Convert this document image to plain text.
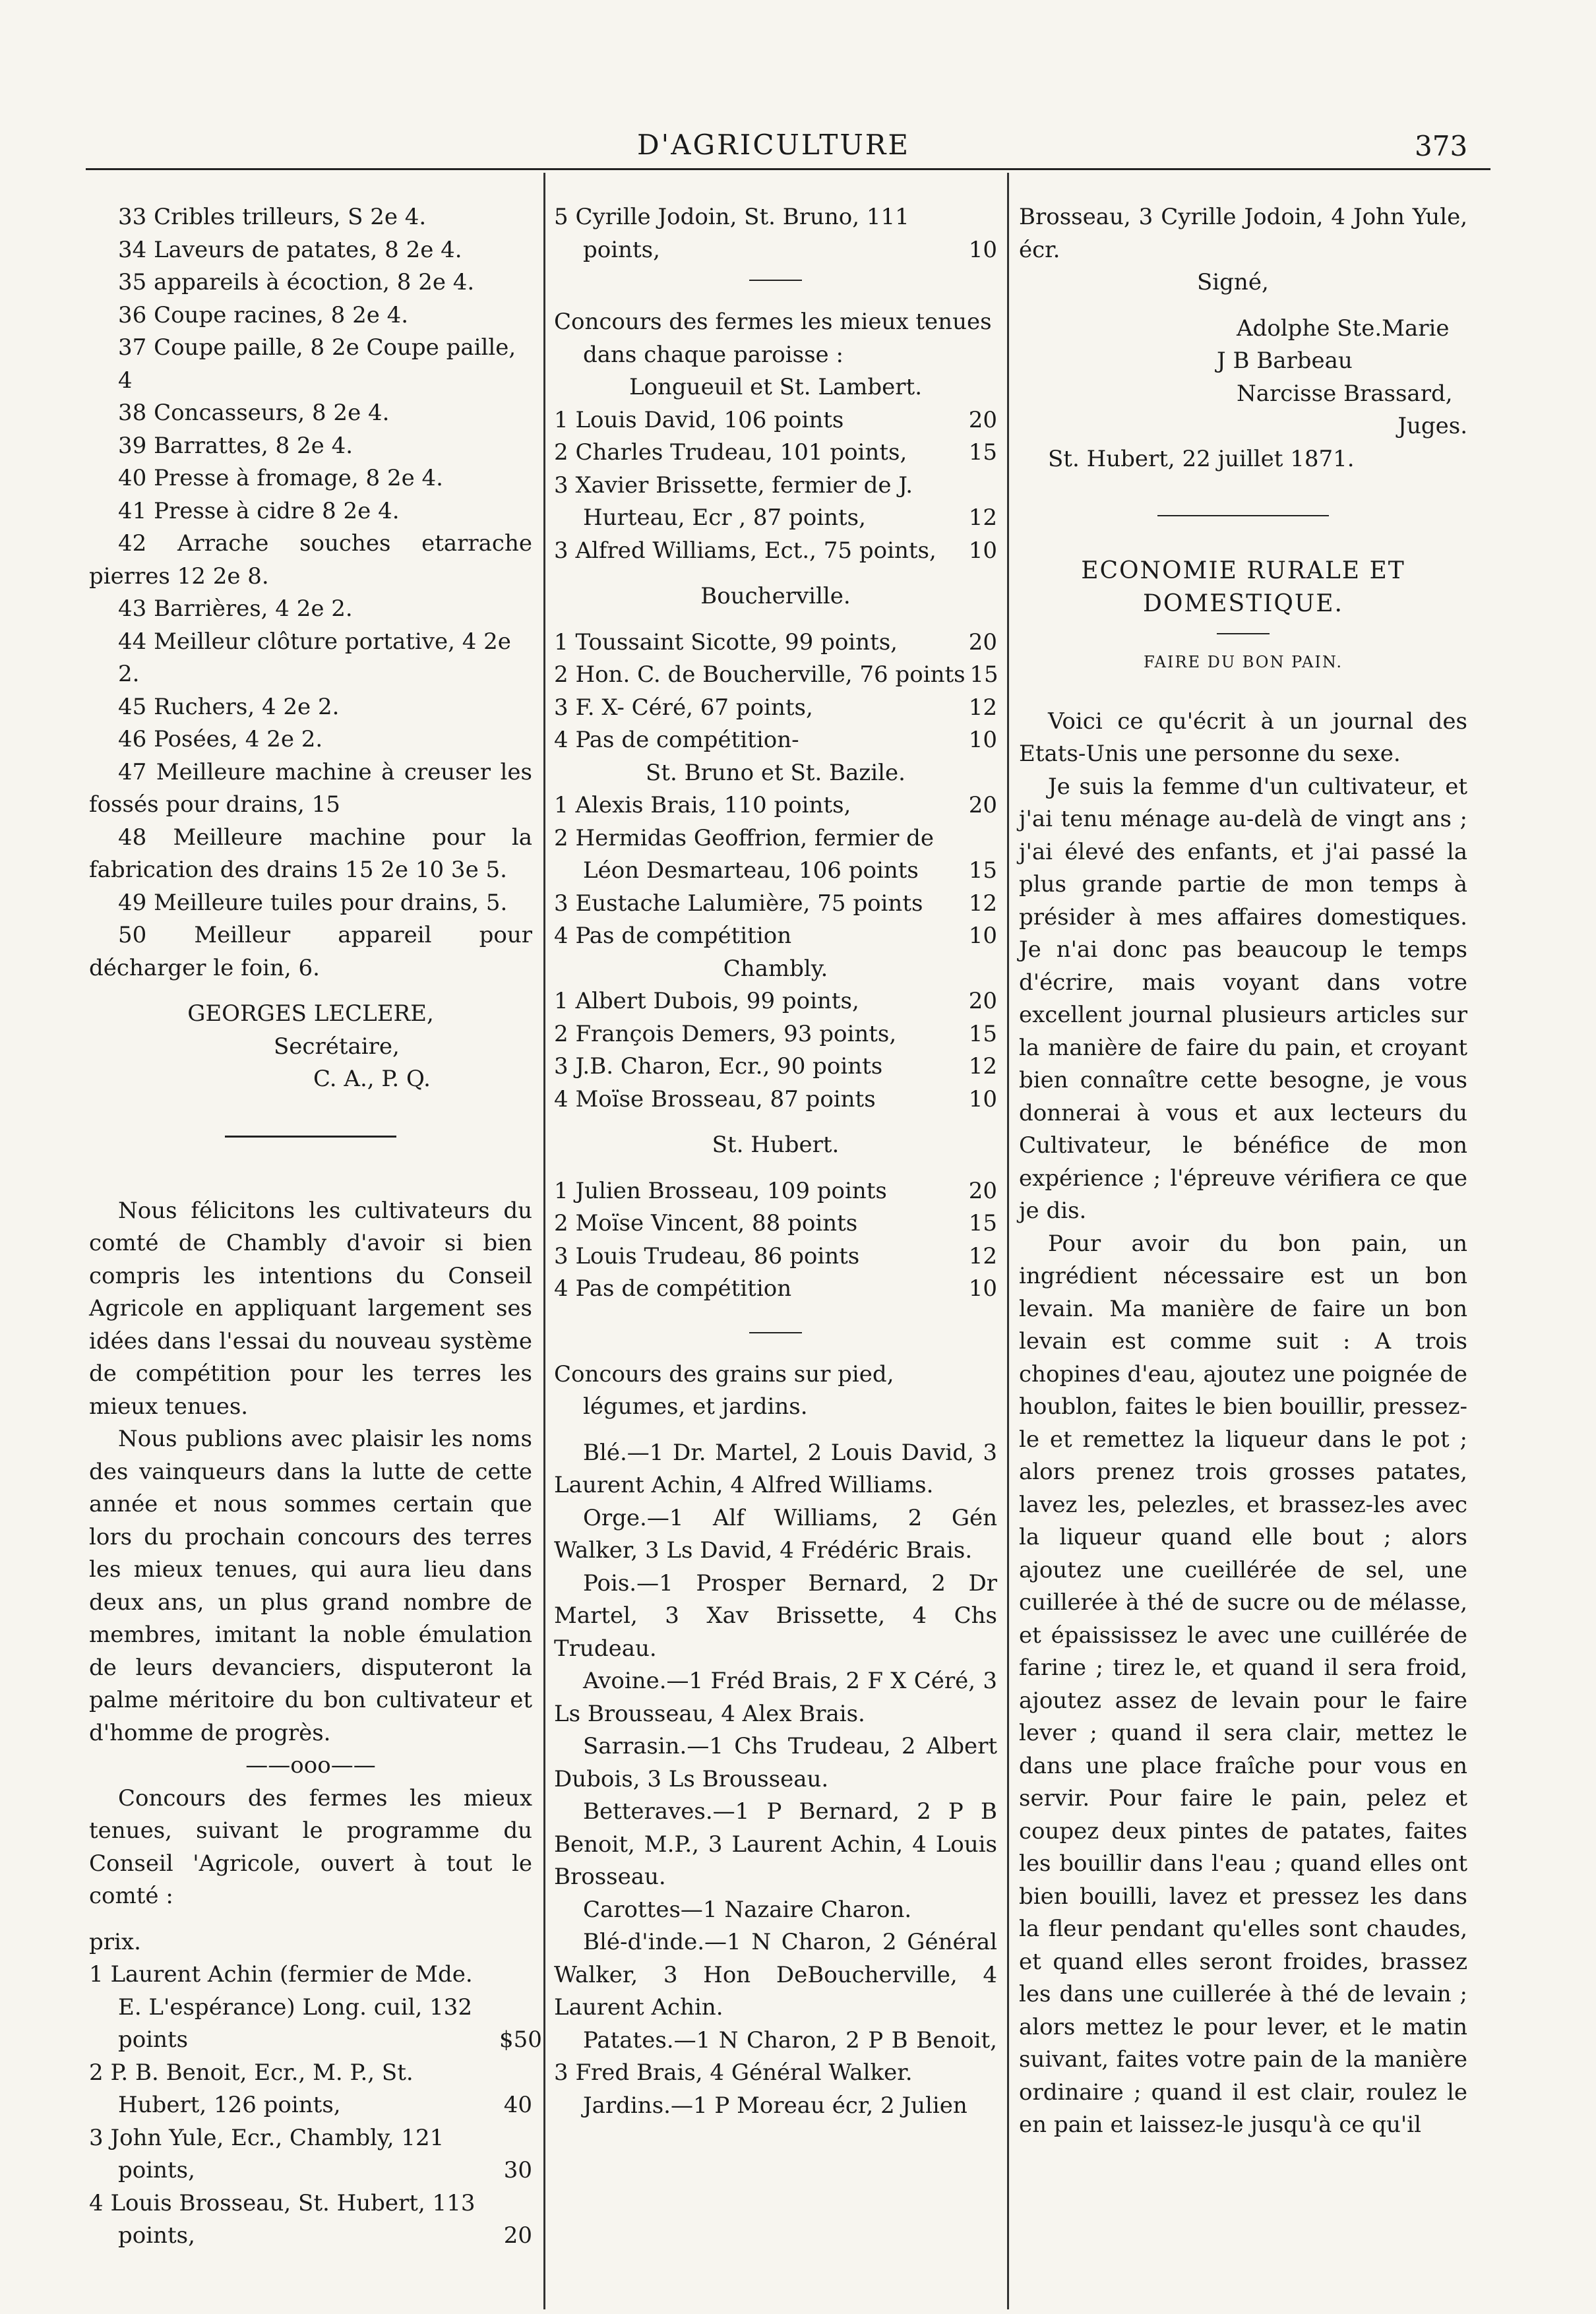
D'AGRICULTURE	373
33 Cribles trilleurs, S 2e 4.
34 Laveurs de patates, 8 2e 4.
35 appareils à écoction, 8 2e 4.
36 Coupe racines, 8 2e 4.
37 Coupe paille, 8 2e Coupe paille, 4
38 Concasseurs, 8 2e 4.
39 Barrattes, 8 2e 4.
40 Presse à fromage, 8 2e 4.
41 Presse à cidre 8 2e 4.
42 Arrache souches etarrache pierres 12 2e 8.
43 Barrières, 4 2e 2.
44 Meilleur clôture portative, 4 2e 2.
45 Ruchers, 4 2e 2.
46 Posées, 4 2e 2.
47 Meilleure machine à creuser les fossés pour drains, 15
48 Meilleure machine pour la fabrication des drains 15 2e 10 3e 5.
49 Meilleure tuiles pour drains, 5.
50 Meilleur appareil pour décharger le foin, 6.
GEORGES LECLERE,
Secrétaire,
C. A., P. Q.
Nous félicitons les cultivateurs du comté de Chambly d'avoir si bien compris les intentions du Conseil Agricole en appliquant largement ses idées dans l'essai du nouveau système de compétition pour les terres les mieux tenues.
Nous publions avec plaisir les noms des vainqueurs dans la lutte de cette année et nous sommes certain que lors du prochain concours des terres les mieux tenues, qui aura lieu dans deux ans, un plus grand nombre de membres, imitant la noble émulation de leurs devanciers, disputeront la palme méritoire du bon cultivateur et d'homme de progrès.
——ooo——
Concours des fermes les mieux tenues, suivant le programme du Conseil 'Agricole, ouvert à tout le comté :
prix.
1 Laurent Achin (fermier de Mde. E. L'espérance) Long. cuil, 132 points	$50
2 P. B. Benoit, Ecr., M. P., St. Hubert, 126 points,	40
3 John Yule, Ecr., Chambly, 121 points,	30
4 Louis Brosseau, St. Hubert, 113 points,	20
5 Cyrille Jodoin, St. Bruno, 111 points,	10
Concours des fermes les mieux tenues dans chaque paroisse :
Longueuil et St. Lambert.
1 Louis David, 106 points	20
2 Charles Trudeau, 101 points,	15
3 Xavier Brissette, fermier de J. Hurteau, Ecr , 87 points,	12
3 Alfred Williams, Ect., 75 points, 10
Boucherville.
1 Toussaint Sicotte, 99 points,	20
2 Hon. C. de Boucherville, 76 points 15
3 F. X- Céré, 67 points,	12
4 Pas de compétition-	10
St. Bruno et St. Bazile.
1 Alexis Brais, 110 points,	20
2 Hermidas Geoffrion, fermier de Léon Desmarteau, 106 points	15
3 Eustache Lalumière, 75 points 12
4 Pas de compétition	10
Chambly.
1 Albert Dubois, 99 points,	20
2 François Demers, 93 points,	15
3 J.B. Charon, Ecr., 90 points	12
4 Moïse Brosseau, 87 points	10
St. Hubert.
1 Julien Brosseau, 109 points	20
2 Moïse Vincent, 88 points	15
3 Louis Trudeau, 86 points	12
4 Pas de compétition	10
Concours des grains sur pied, légumes, et jardins.
Blé.—1 Dr. Martel, 2 Louis David, 3 Laurent Achin, 4 Alfred Williams.
Orge.—1 Alf Williams, 2 Gén Walker, 3 Ls David, 4 Frédéric Brais.
Pois.—1 Prosper Bernard, 2 Dr Martel, 3 Xav Brissette, 4 Chs Trudeau.
Avoine.—1 Fréd Brais, 2 F X Céré, 3 Ls Brousseau, 4 Alex Brais.
Sarrasin.—1 Chs Trudeau, 2 Albert Dubois, 3 Ls Brousseau.
Betteraves.—1 P Bernard, 2 P B Benoit, M.P., 3 Laurent Achin, 4 Louis Brosseau.
Carottes—1 Nazaire Charon.
Blé-d'inde.—1 N Charon, 2 Général Walker, 3 Hon DeBoucherville, 4 Laurent Achin.
Patates.—1 N Charon, 2 P B Benoit, 3 Fred Brais, 4 Général Walker.
Jardins.—1 P Moreau écr, 2 Julien
Brosseau, 3 Cyrille Jodoin, 4 John Yule, écr.
Signé,
Adolphe Ste.Marie
J B Barbeau
Narcisse Brassard,
Juges.
St. Hubert, 22 juillet 1871.
ECONOMIE RURALE ET DOMESTIQUE.
FAIRE DU BON PAIN.
Voici ce qu'écrit à un journal des Etats-Unis une personne du sexe.
Je suis la femme d'un cultivateur, et j'ai tenu ménage au-delà de vingt ans ; j'ai élevé des enfants, et j'ai passé la plus grande partie de mon temps à présider à mes affaires domestiques. Je n'ai donc pas beaucoup le temps d'écrire, mais voyant dans votre excellent journal plusieurs articles sur la manière de faire du pain, et croyant bien connaître cette besogne, je vous donnerai à vous et aux lecteurs du Cultivateur, le bénéfice de mon expérience ; l'épreuve vérifiera ce que je dis.
Pour avoir du bon pain, un ingrédient nécessaire est un bon levain. Ma manière de faire un bon levain est comme suit : A trois chopines d'eau, ajoutez une poignée de houblon, faites le bien bouillir, pressez-le et remettez la liqueur dans le pot ; alors prenez trois grosses patates, lavez les, pelezles, et brassez-les avec la liqueur quand elle bout ; alors ajoutez une cueillérée de sel, une cuillerée à thé de sucre ou de mélasse, et épaississez le avec une cuillérée de farine ; tirez le, et quand il sera froid, ajoutez assez de levain pour le faire lever ; quand il sera clair, mettez le dans une place fraîche pour vous en servir. Pour faire le pain, pelez et coupez deux pintes de patates, faites les bouillir dans l'eau ; quand elles ont bien bouilli, lavez et pressez les dans la fleur pendant qu'elles sont chaudes, et quand elles seront froides, brassez les dans une cuillerée à thé de levain ; alors mettez le pour lever, et le matin suivant, faites votre pain de la manière ordinaire ; quand il est clair, roulez le en pain et laissez-le jusqu'à ce qu'il
